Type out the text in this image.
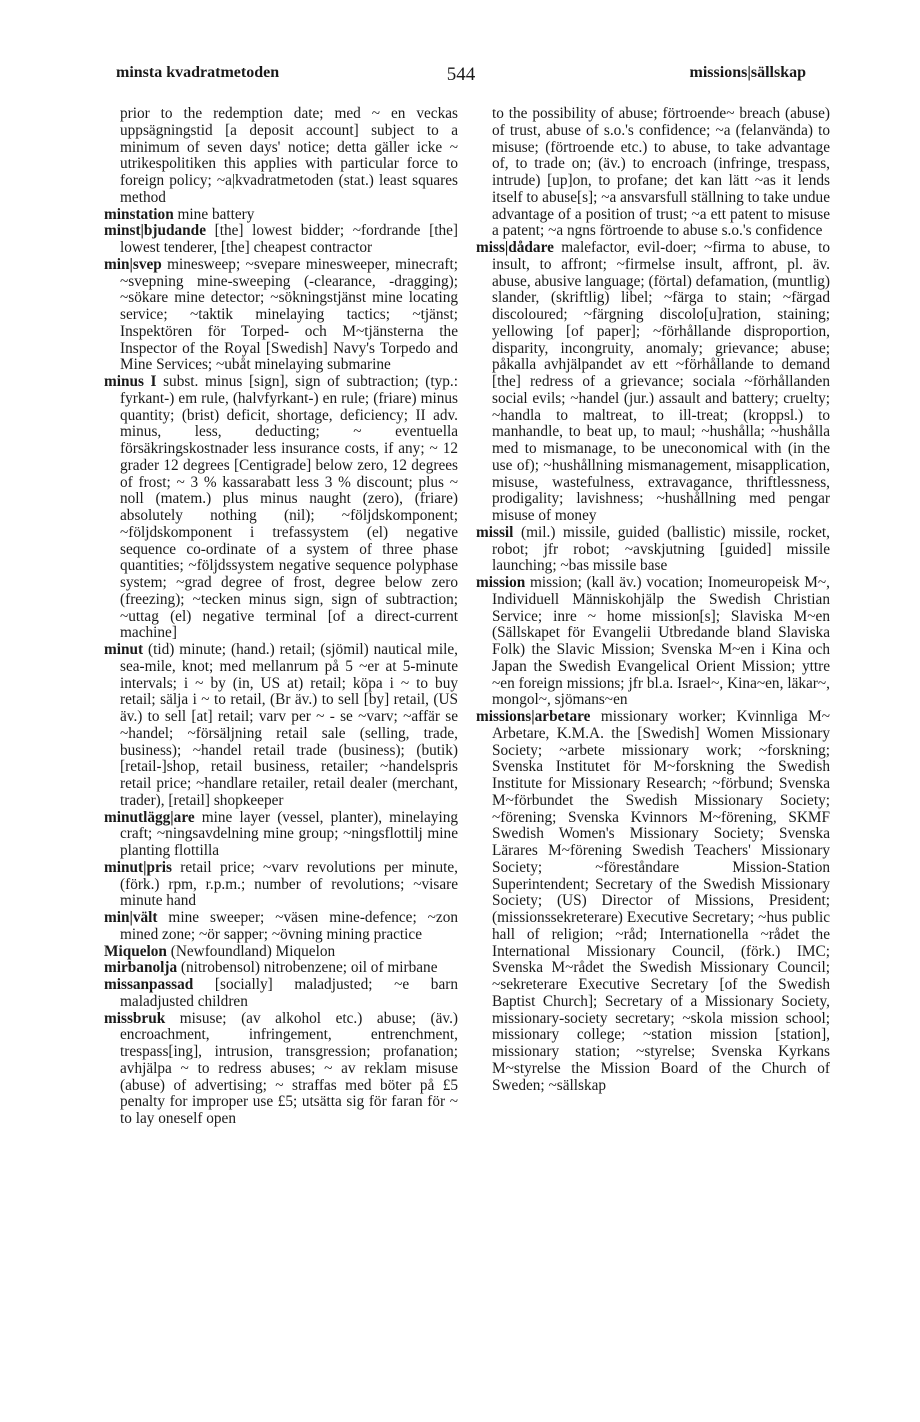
minsta kvadratmetoden	544	missions|sällskap

prior to the redemption date; med ~ en veckas uppsägningstid [a deposit account] subject to a minimum of seven days' notice; detta gäller icke ~ utrikespolitiken this applies with particular force to foreign policy; ~a|kvadratmetoden (stat.) least squares method

minstation mine battery

minst|bjudande [the] lowest bidder; ~fordrande [the] lowest tenderer, [the] cheapest contractor

min|svep minesweep; ~svepare minesweeper, minecraft; ~svepning mine-sweeping (-clearance, -dragging); ~sökare mine detector; ~sökningstjänst mine locating service; ~taktik minelaying tactics; ~tjänst; Inspektören för Torped- och M~tjänsterna the Inspector of the Royal [Swedish] Navy's Torpedo and Mine Services; ~ubåt minelaying submarine

minus I subst. minus [sign], sign of subtraction; (typ.: fyrkant-) em rule, (halvfyrkant-) en rule; (friare) minus quantity; (brist) deficit, shortage, deficiency; II adv. minus, less, deducting; ~ eventuella försäkringskostnader less insurance costs, if any; ~ 12 grader 12 degrees [Centigrade] below zero, 12 degrees of frost; ~ 3 % kassarabatt less 3 % discount; plus ~ noll (matem.) plus minus naught (zero), (friare) absolutely nothing (nil); ~följdskomponent; ~följdskomponent i trefassystem (el) negative sequence co-ordinate of a system of three phase quantities; ~följdssystem negative sequence polyphase system; ~grad degree of frost, degree below zero (freezing); ~tecken minus sign, sign of subtraction; ~uttag (el) negative terminal [of a direct-current machine]

minut (tid) minute; (hand.) retail; (sjömil) nautical mile, sea-mile, knot; med mellanrum på 5 ~er at 5-minute intervals; i ~ by (in, US at) retail; köpa i ~ to buy retail; sälja i ~ to retail, (Br äv.) to sell [by] retail, (US äv.) to sell [at] retail; varv per ~ - se ~varv; ~affär se ~handel; ~försäljning retail sale (selling, trade, business); ~handel retail trade (business); (butik) [retail-]shop, retail business, retailer; ~handelspris retail price; ~handlare retailer, retail dealer (merchant, trader), [retail] shopkeeper

minutlägg|are mine layer (vessel, planter), minelaying craft; ~ningsavdelning mine group; ~ningsflottilj mine planting flottilla

minut|pris retail price; ~varv revolutions per minute, (förk.) rpm, r.p.m.; number of revolutions; ~visare minute hand

min|vält mine sweeper; ~väsen mine-defence; ~zon mined zone; ~ör sapper; ~övning mining practice

Miquelon (Newfoundland) Miquelon

mirbanolja (nitrobensol) nitrobenzene; oil of mirbane

missanpassad [socially] maladjusted; ~e barn maladjusted children

missbruk misuse; (av alkohol etc.) abuse; (äv.) encroachment, infringement, entrenchment, trespass[ing], intrusion, transgression; profanation; avhjälpa ~ to redress abuses; ~ av reklam misuse (abuse) of advertising; ~ straffas med böter på £5 penalty for improper use £5; utsätta sig för faran för ~ to lay oneself open

to the possibility of abuse; förtroende~ breach (abuse) of trust, abuse of s.o.'s confidence; ~a (felanvända) to misuse; (förtroende etc.) to abuse, to take advantage of, to trade on; (äv.) to encroach (infringe, trespass, intrude) [up]on, to profane; det kan lätt ~as it lends itself to abuse[s]; ~a ansvarsfull ställning to take undue advantage of a position of trust; ~a ett patent to misuse a patent; ~a ngns förtroende to abuse s.o.'s confidence

miss|dådare malefactor, evil-doer; ~firma to abuse, to insult, to affront; ~firmelse insult, affront, pl. äv. abuse, abusive language; (förtal) defamation, (muntlig) slander, (skriftlig) libel; ~färga to stain; ~färgad discoloured; ~färgning discolo[u]ration, staining; yellowing [of paper]; ~förhållande disproportion, disparity, incongruity, anomaly; grievance; abuse; påkalla avhjälpandet av ett ~förhållande to demand [the] redress of a grievance; sociala ~förhållanden social evils; ~handel (jur.) assault and battery; cruelty; ~handla to maltreat, to ill-treat; (kroppsl.) to manhandle, to beat up, to maul; ~hushålla; ~hushålla med to mismanage, to be uneconomical with (in the use of); ~hushållning mismanagement, misapplication, misuse, wastefulness, extravagance, thriftlessness, prodigality; lavishness; ~hushållning med pengar misuse of money

missil (mil.) missile, guided (ballistic) missile, rocket, robot; jfr robot; ~avskjutning [guided] missile launching; ~bas missile base

mission mission; (kall äv.) vocation; Inomeuropeisk M~, Individuell Människohjälp the Swedish Christian Service; inre ~ home mission[s]; Slaviska M~en (Sällskapet för Evangelii Utbredande bland Slaviska Folk) the Slavic Mission; Svenska M~en i Kina och Japan the Swedish Evangelical Orient Mission; yttre ~en foreign missions; jfr bl.a. Israel~, Kina~en, läkar~, mongol~, sjömans~en

missions|arbetare missionary worker; Kvinnliga M~ Arbetare, K.M.A. the [Swedish] Women Missionary Society; ~arbete missionary work; ~forskning; Svenska Institutet för M~forskning the Swedish Institute for Missionary Research; ~förbund; Svenska M~förbundet the Swedish Missionary Society; ~förening; Svenska Kvinnors M~förening, SKMF Swedish Women's Missionary Society; Svenska Lärares M~förening Swedish Teachers' Missionary Society; ~föreståndare Mission-Station Superintendent; Secretary of the Swedish Missionary Society; (US) Director of Missions, President; (missionssekreterare) Executive Secretary; ~hus public hall of religion; ~råd; Internationella ~rådet the International Missionary Council, (förk.) IMC; Svenska M~rådet the Swedish Missionary Council; ~sekreterare Executive Secretary [of the Swedish Baptist Church]; Secretary of a Missionary Society, missionary-society secretary; ~skola mission school; missionary college; ~station mission [station], missionary station; ~styrelse; Svenska Kyrkans M~styrelse the Mission Board of the Church of Sweden; ~sällskap
